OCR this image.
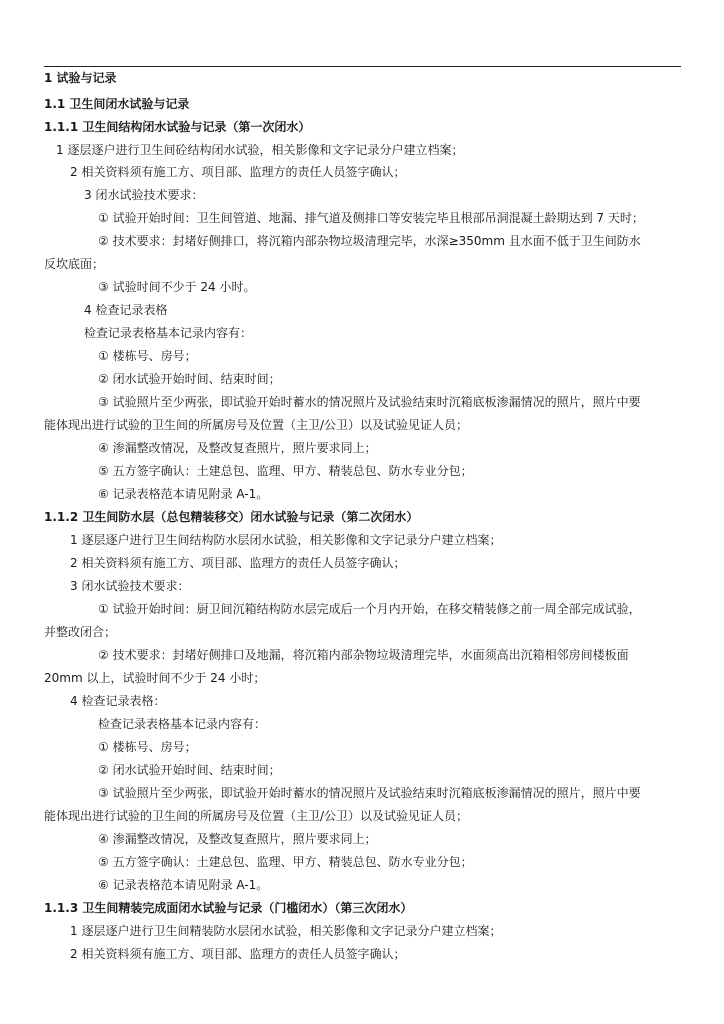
1 试验与记录
1.1 卫生间闭水试验与记录
1.1.1 卫生间结构闭水试验与记录（第一次闭水）
1 逐层逐户进行卫生间砼结构闭水试验，相关影像和文字记录分户建立档案；
2 相关资料须有施工方、项目部、监理方的责任人员签字确认；
3 闭水试验技术要求：
① 试验开始时间：卫生间管道、地漏、排气道及侧排口等安装完毕且根部吊洞混凝土龄期达到 7 天时；
② 技术要求：封堵好侧排口，将沉箱内部杂物垃圾清理完毕，水深≥350mm 且水面不低于卫生间防水
反坎底面；
③ 试验时间不少于 24 小时。
4 检查记录表格
检查记录表格基本记录内容有：
① 楼栋号、房号；
② 闭水试验开始时间、结束时间；
③ 试验照片至少两张，即试验开始时蓄水的情况照片及试验结束时沉箱底板渗漏情况的照片，照片中要
能体现出进行试验的卫生间的所属房号及位置（主卫/公卫）以及试验见证人员；
④ 渗漏整改情况，及整改复查照片，照片要求同上；
⑤ 五方签字确认：土建总包、监理、甲方、精装总包、防水专业分包；
⑥ 记录表格范本请见附录 A-1。
1.1.2 卫生间防水层（总包精装移交）闭水试验与记录（第二次闭水）
1 逐层逐户进行卫生间结构防水层闭水试验，相关影像和文字记录分户建立档案；
2 相关资料须有施工方、项目部、监理方的责任人员签字确认；
3 闭水试验技术要求：
① 试验开始时间：厨卫间沉箱结构防水层完成后一个月内开始，在移交精装修之前一周全部完成试验，
并整改闭合；
② 技术要求：封堵好侧排口及地漏，将沉箱内部杂物垃圾清理完毕，水面须高出沉箱相邻房间楼板面
20mm 以上，试验时间不少于 24 小时；
4 检查记录表格：
检查记录表格基本记录内容有：
① 楼栋号、房号；
② 闭水试验开始时间、结束时间；
③ 试验照片至少两张，即试验开始时蓄水的情况照片及试验结束时沉箱底板渗漏情况的照片，照片中要
能体现出进行试验的卫生间的所属房号及位置（主卫/公卫）以及试验见证人员；
④ 渗漏整改情况，及整改复查照片，照片要求同上；
⑤ 五方签字确认：土建总包、监理、甲方、精装总包、防水专业分包；
⑥ 记录表格范本请见附录 A-1。
1.1.3 卫生间精装完成面闭水试验与记录（门槛闭水）（第三次闭水）
1 逐层逐户进行卫生间精装防水层闭水试验，相关影像和文字记录分户建立档案；
2 相关资料须有施工方、项目部、监理方的责任人员签字确认；
